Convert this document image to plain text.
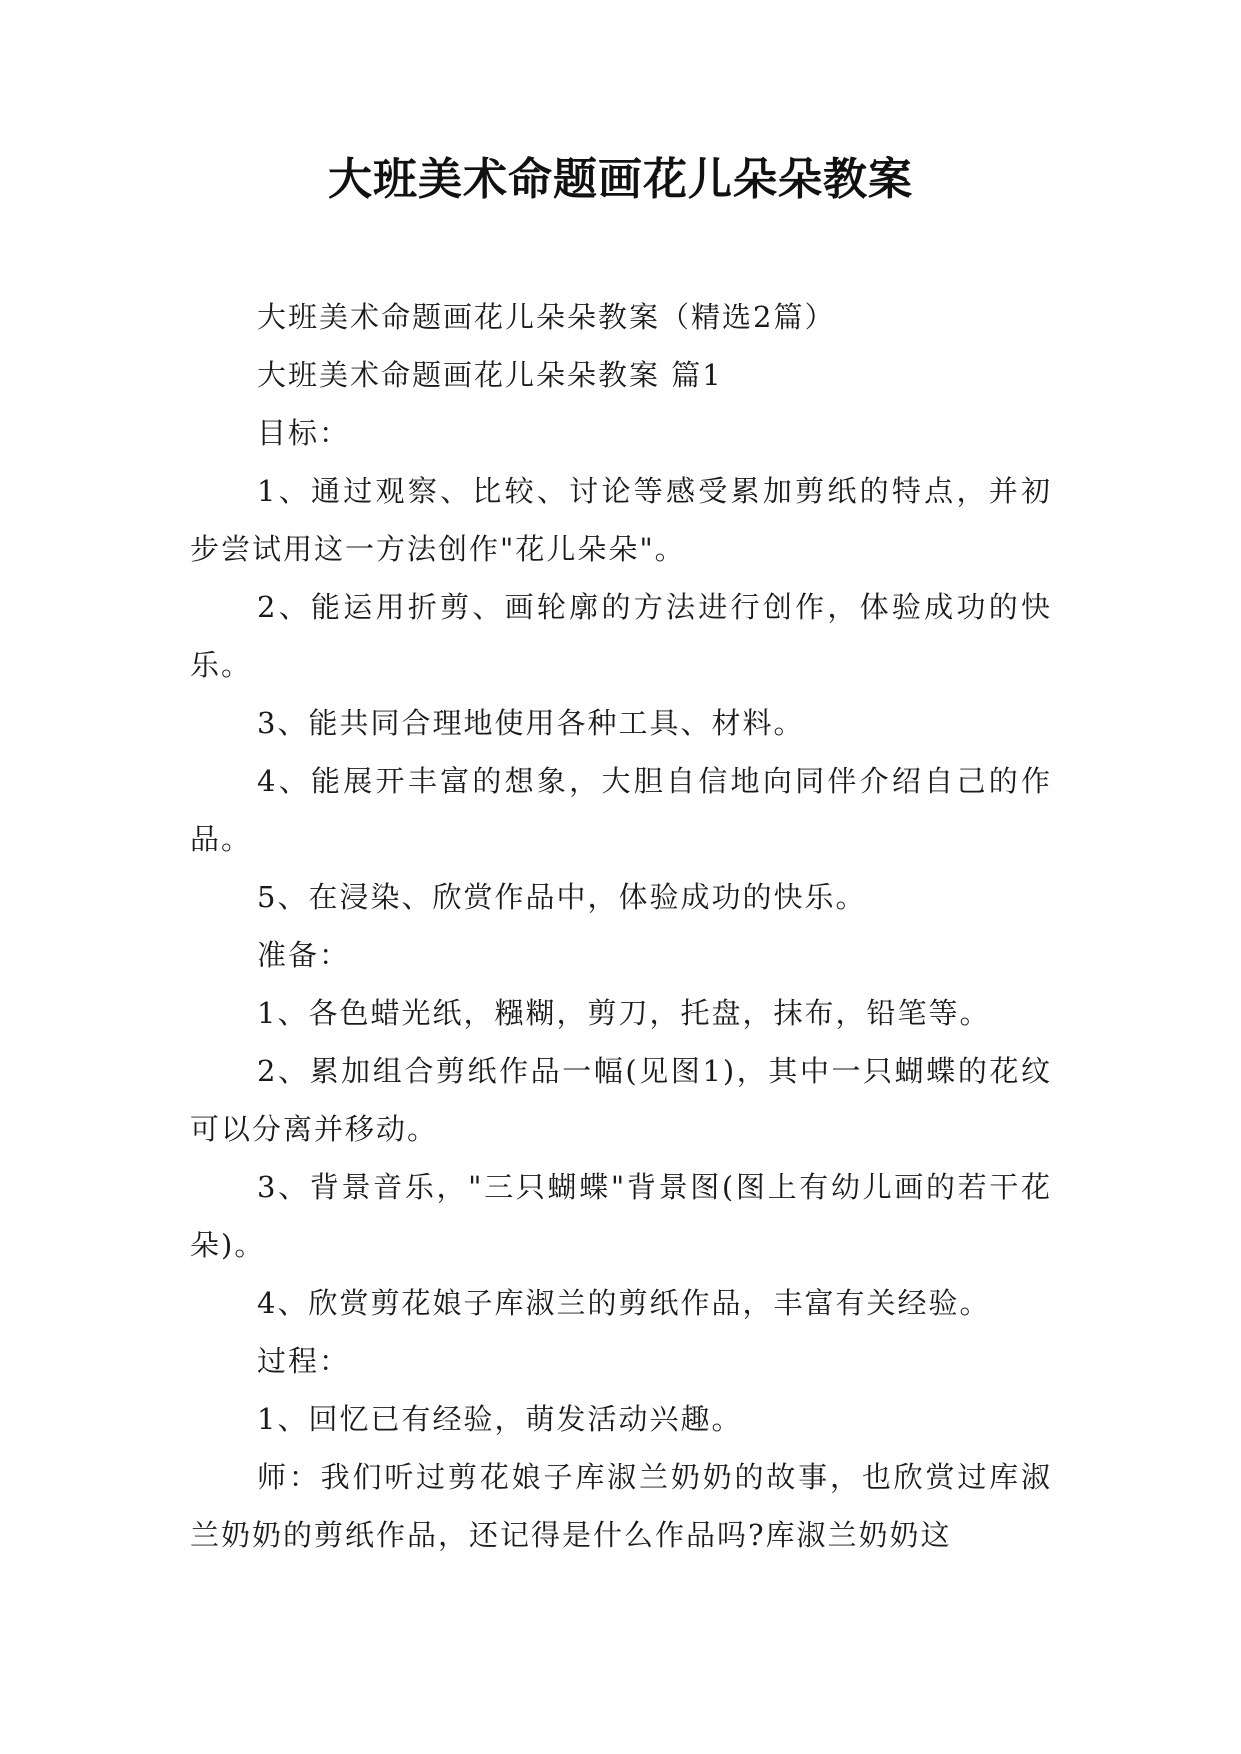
大班美术命题画花儿朵朵教案

大班美术命题画花儿朵朵教案（精选2篇）

大班美术命题画花儿朵朵教案 篇1

目标：

1、通过观察、比较、讨论等感受累加剪纸的特点，并初步尝试用这一方法创作"花儿朵朵"。

2、能运用折剪、画轮廓的方法进行创作，体验成功的快乐。

3、能共同合理地使用各种工具、材料。

4、能展开丰富的想象，大胆自信地向同伴介绍自己的作品。

5、在浸染、欣赏作品中，体验成功的快乐。

准备：

1、各色蜡光纸，糨糊，剪刀，托盘，抹布，铅笔等。

2、累加组合剪纸作品一幅(见图1)，其中一只蝴蝶的花纹可以分离并移动。

3、背景音乐，"三只蝴蝶"背景图(图上有幼儿画的若干花朵)。

4、欣赏剪花娘子库淑兰的剪纸作品，丰富有关经验。

过程：

1、回忆已有经验，萌发活动兴趣。

师：我们听过剪花娘子库淑兰奶奶的故事，也欣赏过库淑兰奶奶的剪纸作品，还记得是什么作品吗?库淑兰奶奶这
